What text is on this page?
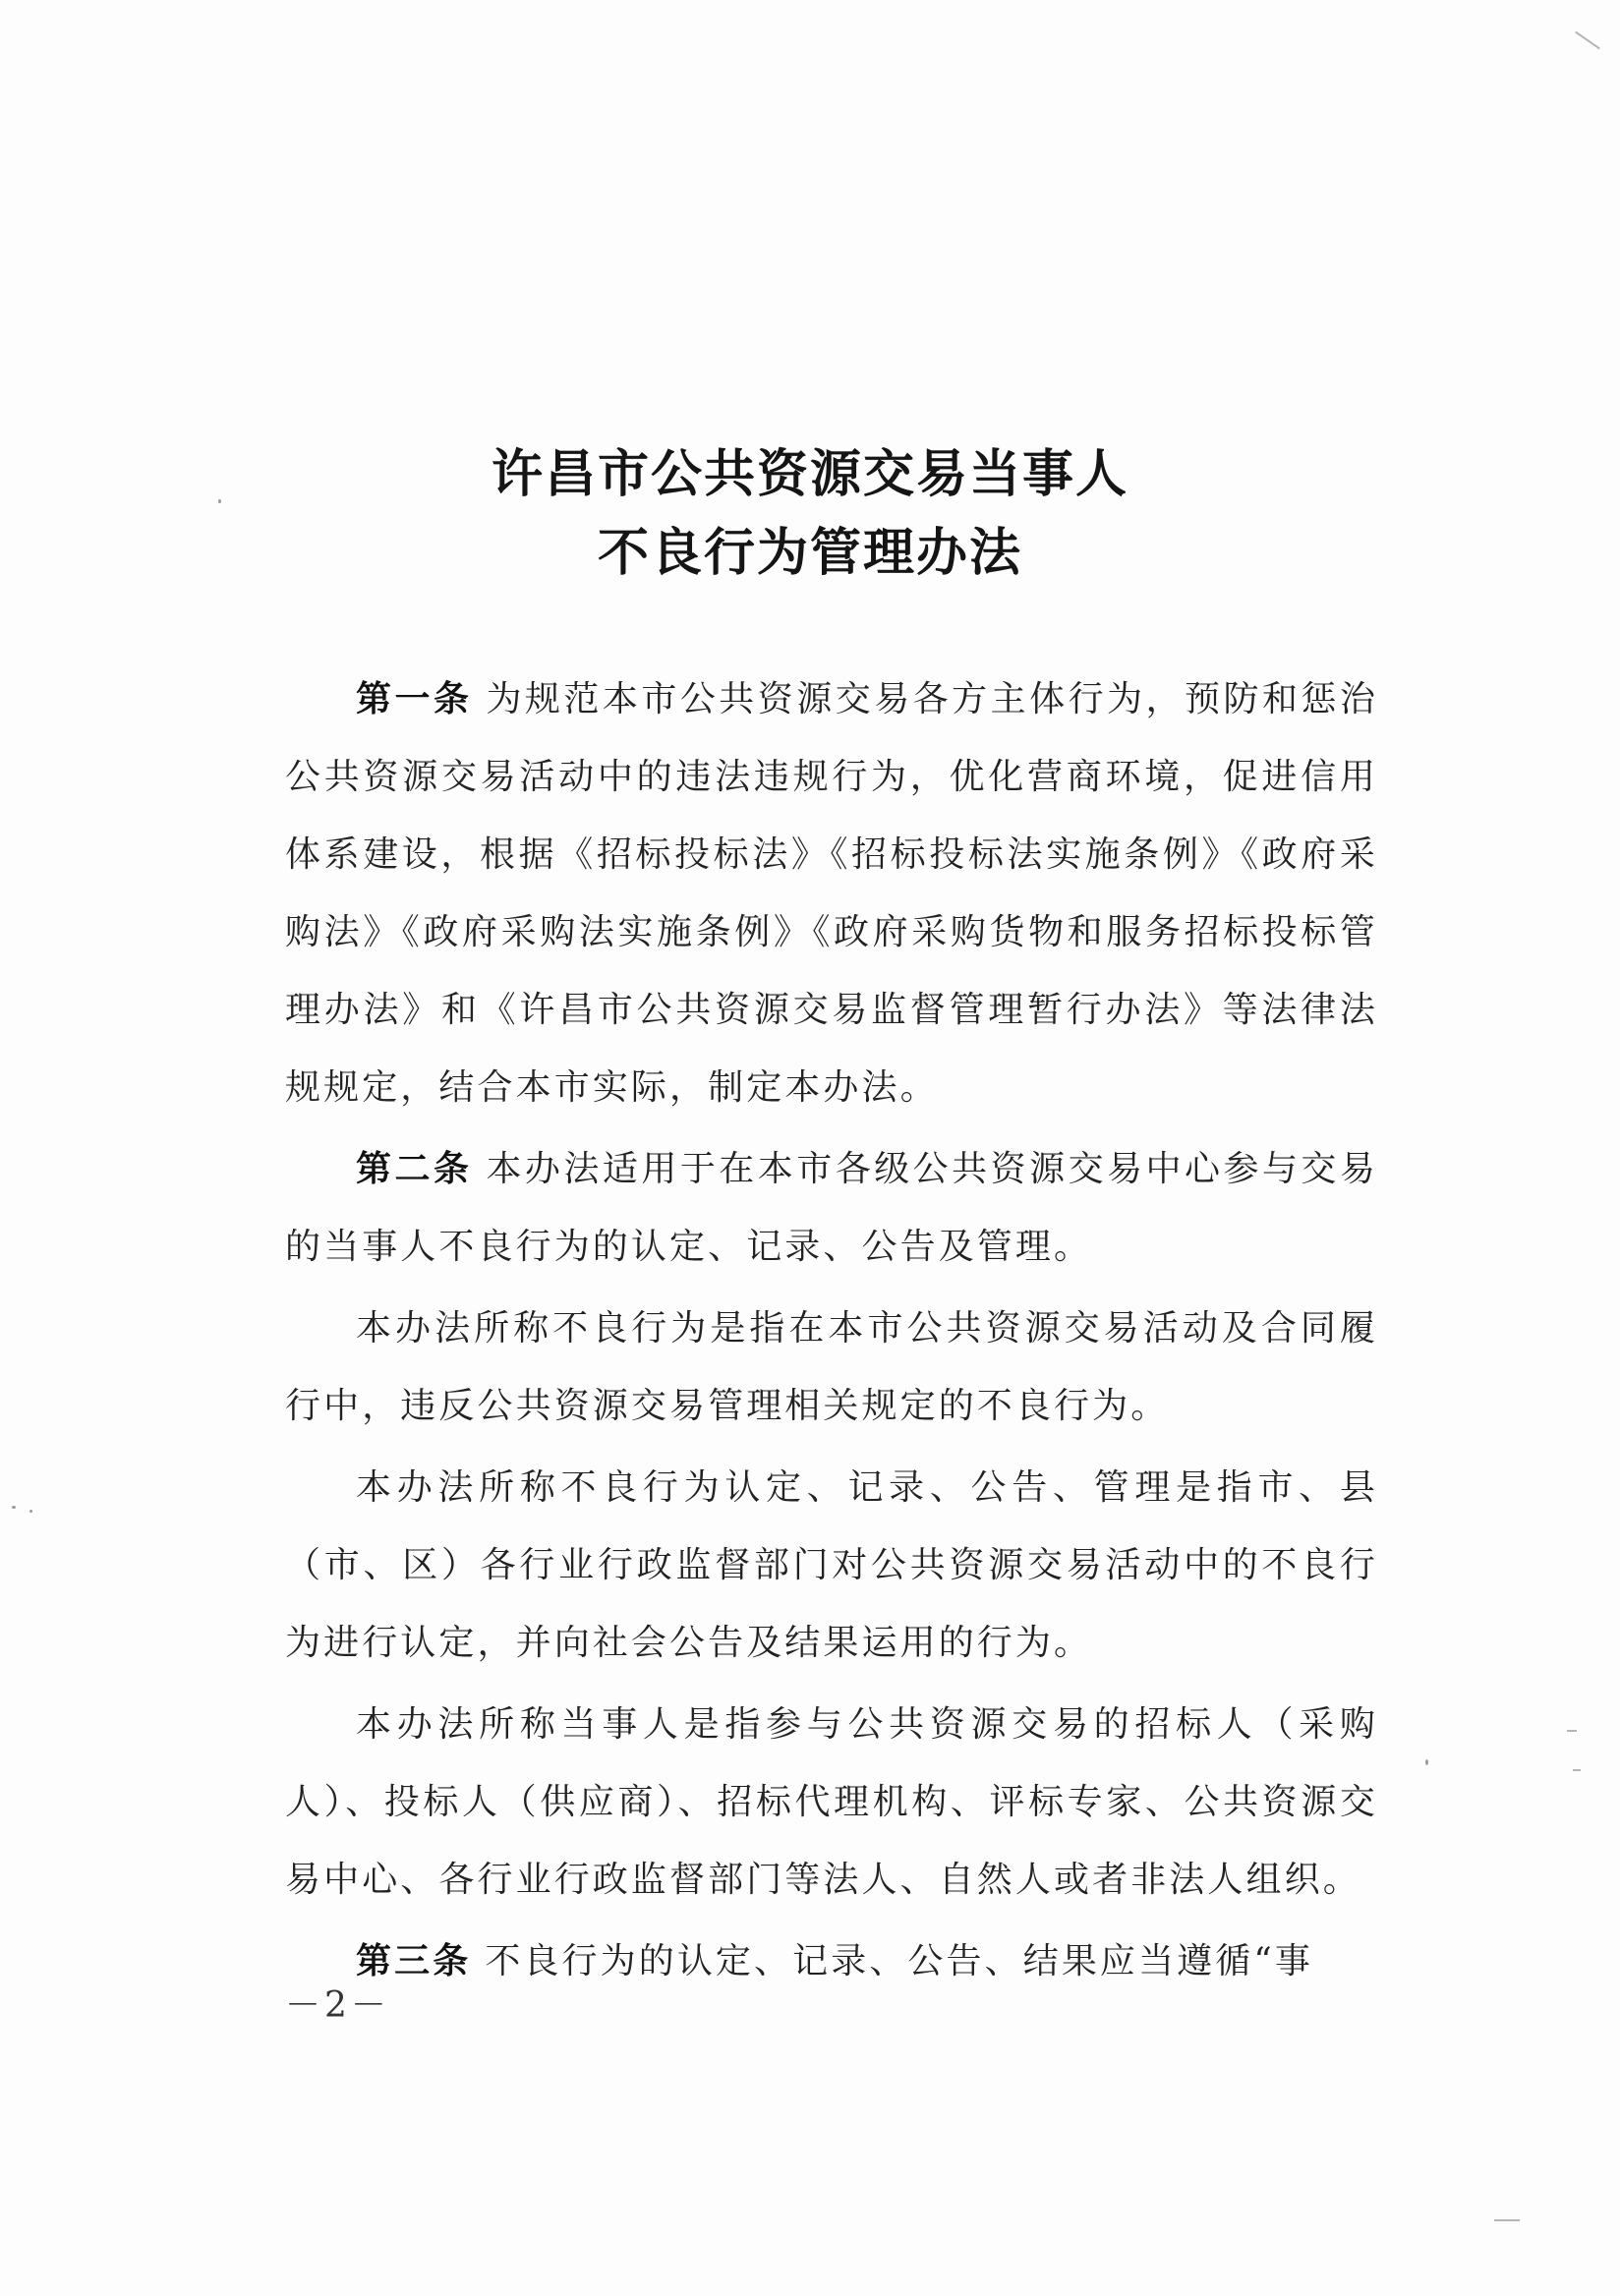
许昌市公共资源交易当事人
不良行为管理办法

第一条 为规范本市公共资源交易各方主体行为，预防和惩治公共资源交易活动中的违法违规行为，优化营商环境，促进信用体系建设，根据《招标投标法》《招标投标法实施条例》《政府采购法》《政府采购法实施条例》《政府采购货物和服务招标投标管理办法》和《许昌市公共资源交易监督管理暂行办法》等法律法规规定，结合本市实际，制定本办法。

第二条 本办法适用于在本市各级公共资源交易中心参与交易的当事人不良行为的认定、记录、公告及管理。

本办法所称不良行为是指在本市公共资源交易活动及合同履行中，违反公共资源交易管理相关规定的不良行为。

本办法所称不良行为认定、记录、公告、管理是指市、县（市、区）各行业行政监督部门对公共资源交易活动中的不良行为进行认定，并向社会公告及结果运用的行为。

本办法所称当事人是指参与公共资源交易的招标人（采购人）、投标人（供应商）、招标代理机构、评标专家、公共资源交易中心、各行业行政监督部门等法人、自然人或者非法人组织。

第三条 不良行为的认定、记录、公告、结果应当遵循“事

－2－
